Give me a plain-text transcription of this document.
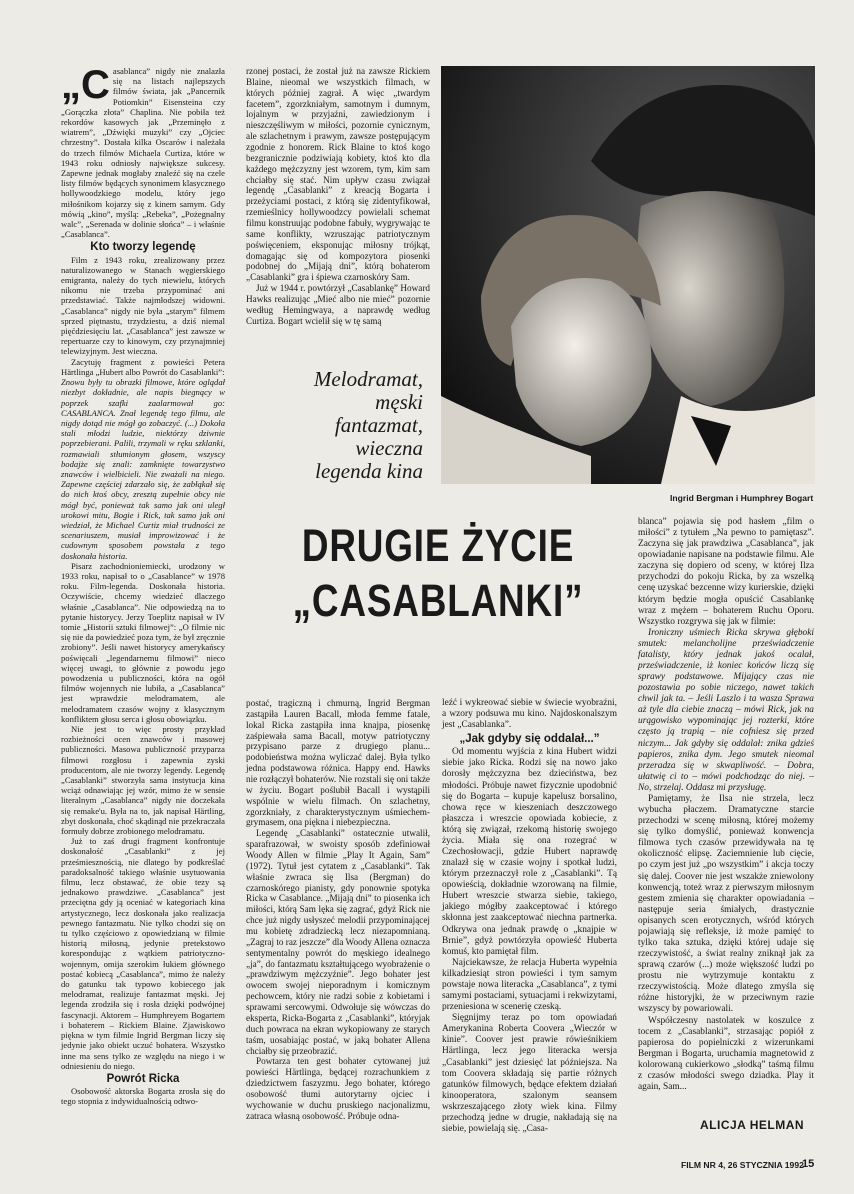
„C asablanca” nigdy nie znalazła się na listach najlepszych filmów świata, jak „Pancernik Potiomkin” Eisensteina czy „Gorączka złota” Chaplina. Nie pobiła też rekordów kasowych jak „Przeminęło z wiatrem”, „Dźwięki muzyki” czy „Ojciec chrzestny”. Dostała kilka Oscarów i należała do trzech filmów Michaela Curtiza, które w 1943 roku odniosły największe sukcesy. Zapewne jednak mogłaby znaleźć się na czele listy filmów będących synonimem klasycznego hollywoodzkiego modelu, który jego miłośnikom kojarzy się z kinem samym. Gdy mówią „kino”, myślą: „Rebeka”, „Pożegnalny walc”, „Serenada w dolinie słońca” – i właśnie „Casablanca”.

Kto tworzy legendę

Film z 1943 roku, zrealizowany przez naturalizowanego w Stanach węgierskiego emigranta, należy do tych niewielu, których nikomu nie trzeba przypominać ani przedstawiać. Także najmłodszej widowni. „Casablanca” nigdy nie była „starym” filmem sprzed piętnastu, trzydziestu, a dziś niemal pięćdziesięciu lat. „Casablanca” jest zawsze w repertuarze czy to kinowym, czy przynajmniej telewizyjnym. Jest wieczna.

Zacytuję fragment z powieści Petera Härtlinga „Hubert albo Powrót do Casablanki”:

Znowu były tu obrazki filmowe, które oglądał niezbyt dokładnie, ale napis biegnący w poprzek szafki zaalarmował go: CASABLANCA. Znał legendę tego filmu, ale nigdy dotąd nie mógł go zobaczyć. (...) Dokoła stali młodzi ludzie, niektórzy dziwnie poprzebierani. Palili, trzymali w ręku szklanki, rozmawiali stłumionym głosem, wszyscy bodajże się znali: zamknięte towarzystwo znawców i wielbicieli. Nie zważali na niego. Zapewne częściej zdarzało się, że zabłąkał się do nich ktoś obcy, zresztą zupełnie obcy nie mógł być, ponieważ tak samo jak oni uległ urokowi mitu, Bogie i Rick, tak samo jak oni wiedział, że Michael Curtiz miał trudności ze scenariuszem, musiał improwizować i że cudownym sposobem powstała z tego doskonała historia.

Pisarz zachodnioniemiecki, urodzony w 1933 roku, napisał to o „Casablance” w 1978 roku. Film-legenda. Doskonała historia. Oczywiście, chcemy wiedzieć dlaczego właśnie „Casablanca”. Nie odpowiedzą na to pytanie historycy. Jerzy Toeplitz napisał w IV tomie „Historii sztuki filmowej”: „O filmie nic się nie da powiedzieć poza tym, że był zręcznie zrobiony”. Jeśli nawet historycy amerykańscy poświęcali „legendarnemu filmowi” nieco więcej uwagi, to głównie z powodu jego powodzenia u publiczności, która na ogół filmów wojennych nie lubiła, a „Casablanca” jest wprawdzie melodramatem, ale melodramatem czasów wojny z klasycznym konfliktem głosu serca i głosu obowiązku.

Nie jest to więc prosty przykład rozbieżności ocen znawców i masowej publiczności. Masowa publiczność przyparza filmowi rozgłosu i zapewnia zyski producentom, ale nie tworzy legendy. Legendę „Casablanki” stworzyła sama instytucja kina wciąż odnawiając jej wzór, mimo że w sensie literalnym „Casablanca” nigdy nie doczekała się remake'u. Była na to, jak napisał Härtling, zbyt doskonała, choć skądinąd nie przekraczała formuły dobrze zrobionego melodramatu.

Już to zaś drugi fragment konfrontuje doskonałość „Casablanki” z jej prześmiesznością, nie dlatego by podkreślać paradoksalność takiego właśnie usytuowania filmu, lecz obstawać, że obie tezy są jednakowo prawdziwe. „Casablanca” jest przeciętna gdy ją oceniać w kategoriach kina artystycznego, lecz doskonała jako realizacja pewnego fantazmatu. Nie tylko chodzi się on tu tylko częściowo z opowiedzianą w filmie historią miłosną, jedynie pretekstowo korespondując z wątkiem patriotyczno-wojennym, omija szerokim łukiem głównego postać kobiecą „Casablanca”, mimo że należy do gatunku tak typowo kobiecego jak melodramat, realizuje fantazmat męski. Jej legenda zrodziła się i rosła dzięki podwójnej fascynacji. Aktorem – Humphreyem Bogartem i bohaterem – Rickiem Blaine. Zjawiskowo piękna w tym filmie Ingrid Bergman liczy się jedynie jako obiekt uczuć bohatera. Wszystko inne ma sens tylko ze względu na niego i w odniesieniu do niego.

Powrót Ricka

Osobowość aktorska Bogarta zrosła się do tego stopnia z indywidualnością odtwo-

rzonej postaci, że został już na zawsze Rickiem Blaine, nieomal we wszystkich filmach, w których później zagrał. A więc „twardym facetem”, zgorzkniałym, samotnym i dumnym, lojalnym w przyjaźni, zawiedzionym i nieszczęśliwym w miłości, pozornie cynicznym, ale szlachetnym i prawym, zawsze postępującym zgodnie z honorem. Rick Blaine to ktoś kogo bezgranicznie podziwiają kobiety, ktoś kto dla każdego mężczyzny jest wzorem, tym, kim sam chciałby się stać. Nim upływ czasu związał legendę „Casablanki” z kreacją Bogarta i przeżyciami postaci, z którą się zidentyfikował, rzemieślnicy hollywoodzcy powielali schemat filmu konstruując podobne fabuły, wygrywając te same konflikty, wzruszając patriotycznym poświęceniem, eksponując miłosny trójkąt, domagając się od kompozytora piosenki podobnej do „Mijają dni”, którą bohaterom „Casablanki” gra i śpiewa czarnoskóry Sam.

Już w 1944 r. powtórzył „Casablankę” Howard Hawks realizując „Mieć albo nie mieć” pozornie według Hemingwaya, a naprawdę według Curtiza. Bogart wcielił się w tę samą

Melodramat,
męski
fantazmat,
wieczna
legenda kina
Ingrid Bergman i Humphrey Bogart
DRUGIE ŻYCIE
„CASABLANKI”

postać, tragiczną i chmurną, Ingrid Bergman zastąpiła Lauren Bacall, młoda femme fatale, lokal Ricka zastąpiła inna knajpa, piosenkę zaśpiewała sama Bacall, motyw patriotyczny przypisano parze z drugiego planu... podobieństwa można wyliczać dalej. Była tylko jedna podstawowa różnica. Happy end. Hawks nie rozłączył bohaterów. Nie rozstali się oni także w życiu. Bogart poślubił Bacall i wystąpili wspólnie w wielu filmach. On szlachetny, zgorzkniały, z charakterystycznym uśmiechem-grymasem, ona piękna i niebezpieczna.

Legendę „Casablanki” ostatecznie utwalił, sparafrazował, w swoisty sposób zdefiniował Woody Allen w filmie „Play It Again, Sam” (1972). Tytuł jest cytatem z „Casablanki”. Tak właśnie zwraca się Ilsa (Bergman) do czarnoskórego pianisty, gdy ponownie spotyka Ricka w Casablance. „Mijają dni” to piosenka ich miłości, którą Sam lęka się zagrać, gdyż Rick nie chce już nigdy usłyszeć melodii przypominającej mu kobietę zdradziecką lecz niezapomnianą. „Zagraj to raz jeszcze” dla Woody Allena oznacza sentymentalny powrót do męskiego idealnego „ja”, do fantazmatu kształtującego wyobrażenie o „prawdziwym mężczyźnie”. Jego bohater jest owocem swojej nieporadnym i komicznym pechowcem, który nie radzi sobie z kobietami i sprawami sercowymi. Odwołuje się wówczas do eksperta, Ricka-Bogarta z „Casablanki”, któryjak duch powraca na ekran wykopiowany ze starych taśm, uosabiając postać, w jaką bohater Allena chciałby się przeobrazić.

Powtarza ten gest bohater cytowanej już powieści Härtlinga, będącej rozrachunkiem z dziedzictwem faszyzmu. Jego bohater, którego osobowość tłumi autorytarny ojciec i wychowanie w duchu pruskiego nacjonalizmu, zatraca własną osobowość. Próbuje odna-

leźć i wykreować siebie w świecie wyobraźni, a wzory podsuwa mu kino. Najdoskonalszym jest „Casablanka”.

„Jak gdyby się oddalał...”

Od momentu wyjścia z kina Hubert widzi siebie jako Ricka. Rodzi się na nowo jako dorosły mężczyzna bez dzieciństwa, bez młodości. Próbuje nawet fizycznie upodobnić się do Bogarta – kupuje kapelusz borsalino, chowa ręce w kieszeniach deszczowego płaszcza i wreszcie opowiada kobiecie, z którą się związał, rzekomą historię swojego życia. Miała się ona rozegrać w Czechosłowacji, gdzie Hubert naprawdę znalazł się w czasie wojny i spotkał ludzi, którym przeznaczył role z „Casablanki”. Tą opowieścią, dokładnie wzorowaną na filmie, Hubert wreszcie stwarza siebie, takiego, jakiego mógłby zaakceptować i którego skłonna jest zaakceptować niechna partnerka. Odkrywa ona jednak prawdę o „knajpie w Brnie”, gdyż powtórzyła opowieść Huberta komuś, kto pamiętał film.

Najciekawsze, że relacja Huberta wypełnia kilkadziesiąt stron powieści i tym samym powstaje nowa literacka „Casablanca”, z tymi samymi postaciami, sytuacjami i rekwizytami, przeniesiona w scenerię czeską.

Sięgnijmy teraz po tom opowiadań Amerykanina Roberta Coovera „Wieczór w kinie”. Coover jest prawie rówieśnikiem Härtlinga, lecz jego literacka wersja „Casablanki” jest dziesięć lat późniejsza. Na tom Coovera składają się partie różnych gatunków filmowych, będące efektem działań kinooperatora, szalonym seansem wskrzeszającego złoty wiek kina. Filmy przechodzą jedne w drugie, nakładają się na siebie, powielają się. „Casa-

blanca” pojawia się pod hasłem „film o miłości” z tytułem „Na pewno to pamiętasz”. Zaczyna się jak prawdziwa „Casablanca”, jak opowiadanie napisane na podstawie filmu. Ale zaczyna się dopiero od sceny, w której Ilza przychodzi do pokoju Ricka, by za wszelką cenę uzyskać bezcenne wizy kurierskie, dzięki którym będzie mogła opuścić Casablankę wraz z mężem – bohaterem Ruchu Oporu. Wszystko rozgrywa się jak w filmie:

Ironiczny uśmiech Ricka skrywa głęboki smutek: melancholijne przeświadczenie fatalisty, który jednak jakoś ocalał, przeświadczenie, iż koniec końców liczą się sprawy podstawowe. Mijający czas nie pozostawia po sobie niczego, nawet takich chwil jak ta. – Jeśli Laszlo i ta wasza Sprawa aż tyle dla ciebie znaczą – mówi Rick, jak na urągowisko wypominając jej rozterki, które często ją trapią – nie cofniesz się przed niczym... Jak gdyby się oddalał: znika gdzieś papieros, znika dym. Jego smutek nieomal przeradza się w skwapliwość. – Dobra, ułatwię ci to – mówi podchodząc do niej. – No, strzelaj. Oddasz mi przysługę.

Pamiętamy, że Ilsa nie strzela, lecz wybucha płaczem. Dramatyczne starcie przechodzi w scenę miłosną, której możemy się tylko domyślić, ponieważ konwencja filmowa tych czasów przewidywała na tę okoliczność elipsę. Zaciemnienie lub cięcie, po czym jest już „po wszystkim” i akcja toczy się dalej. Coover nie jest wszakże zniewolony konwencją, toteż wraz z pierwszym miłosnym gestem zmienia się charakter opowiadania – następuje seria śmiałych, drastycznie opisanych scen erotycznych, wśród których pojawiają się refleksje, iż może pamięć to tylko taka sztuka, dzięki której udaje się rzeczywistość, a świat realny zniknął jak za sprawą czarów (...) może większość ludzi po prostu nie wytrzymuje kontaktu z rzeczywistością. Może dlatego zmyśla się różne historyjki, że w przeciwnym razie wszyscy by powariowali.

Współczesny nastolatek w koszulce z tocem z „Casablanki”, strzasając popiół z papierosa do popielniczki z wizerunkami Bergman i Bogarta, uruchamia magnetowid z kolorowaną cukierkowo „słodką” taśmą filmu z czasów młodości swego dziadka. Play it again, Sam...

ALICJA HELMAN
FILM NR 4, 26 STYCZNIA 1992
15
